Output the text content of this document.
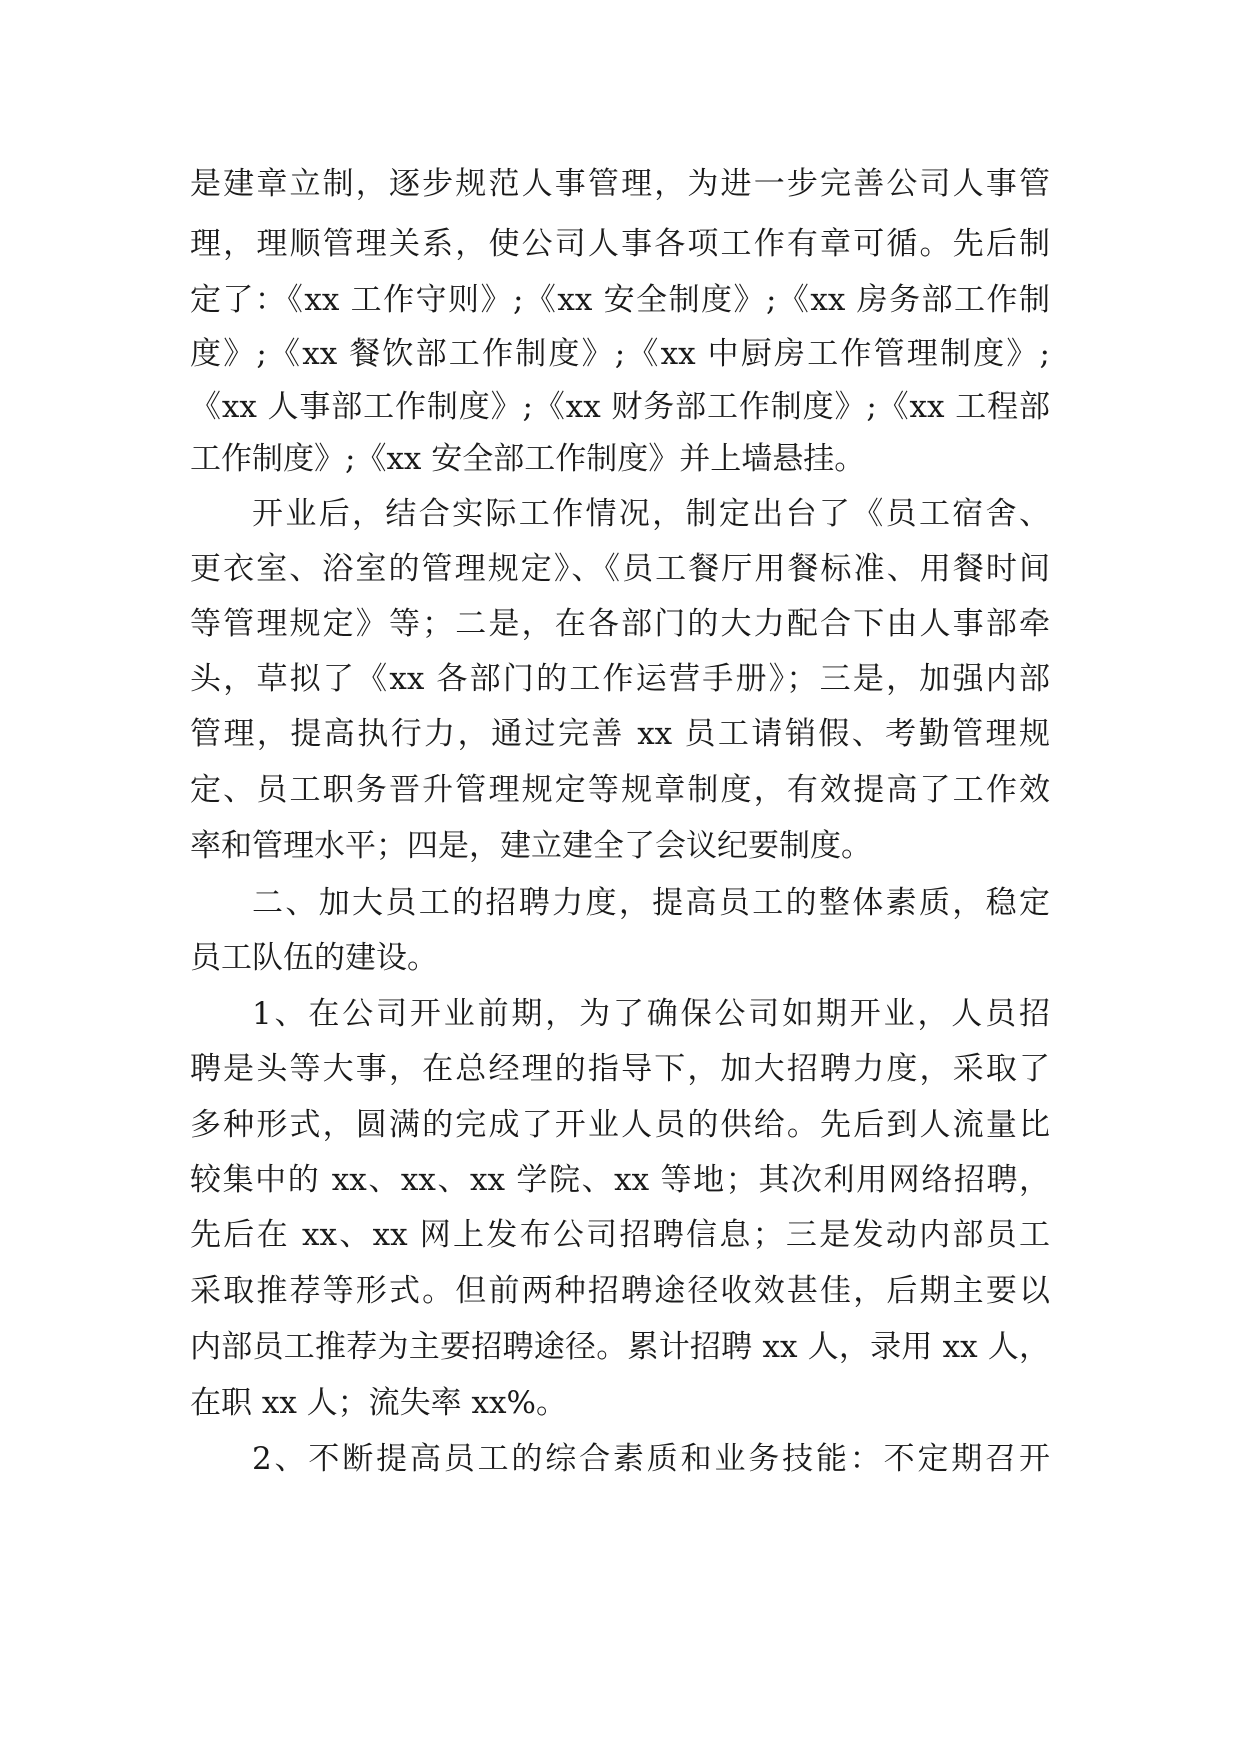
是建章立制，逐步规范人事管理，为进一步完善公司人事管
理，理顺管理关系，使公司人事各项工作有章可循。先后制
定了：《xx 工作守则》;《xx 安全制度》;《xx 房务部工作制
度》;《xx 餐饮部工作制度》;《xx 中厨房工作管理制度》;
《xx 人事部工作制度》;《xx 财务部工作制度》;《xx 工程部
工作制度》;《xx 安全部工作制度》并上墙悬挂。
开业后，结合实际工作情况，制定出台了《员工宿舍、
更衣室、浴室的管理规定》、《员工餐厅用餐标准、用餐时间
等管理规定》等；二是，在各部门的大力配合下由人事部牵
头，草拟了《xx 各部门的工作运营手册》；三是，加强内部
管理，提高执行力，通过完善 xx 员工请销假、考勤管理规
定、员工职务晋升管理规定等规章制度，有效提高了工作效
率和管理水平；四是，建立建全了会议纪要制度。
二、加大员工的招聘力度，提高员工的整体素质，稳定
员工队伍的建设。
1、在公司开业前期，为了确保公司如期开业，人员招
聘是头等大事，在总经理的指导下，加大招聘力度，采取了
多种形式，圆满的完成了开业人员的供给。先后到人流量比
较集中的 xx、xx、xx 学院、xx 等地；其次利用网络招聘，
先后在 xx、xx 网上发布公司招聘信息；三是发动内部员工
采取推荐等形式。但前两种招聘途径收效甚佳，后期主要以
内部员工推荐为主要招聘途径。累计招聘 xx 人，录用 xx 人，
在职 xx 人；流失率 xx%。
2、不断提高员工的综合素质和业务技能：不定期召开
